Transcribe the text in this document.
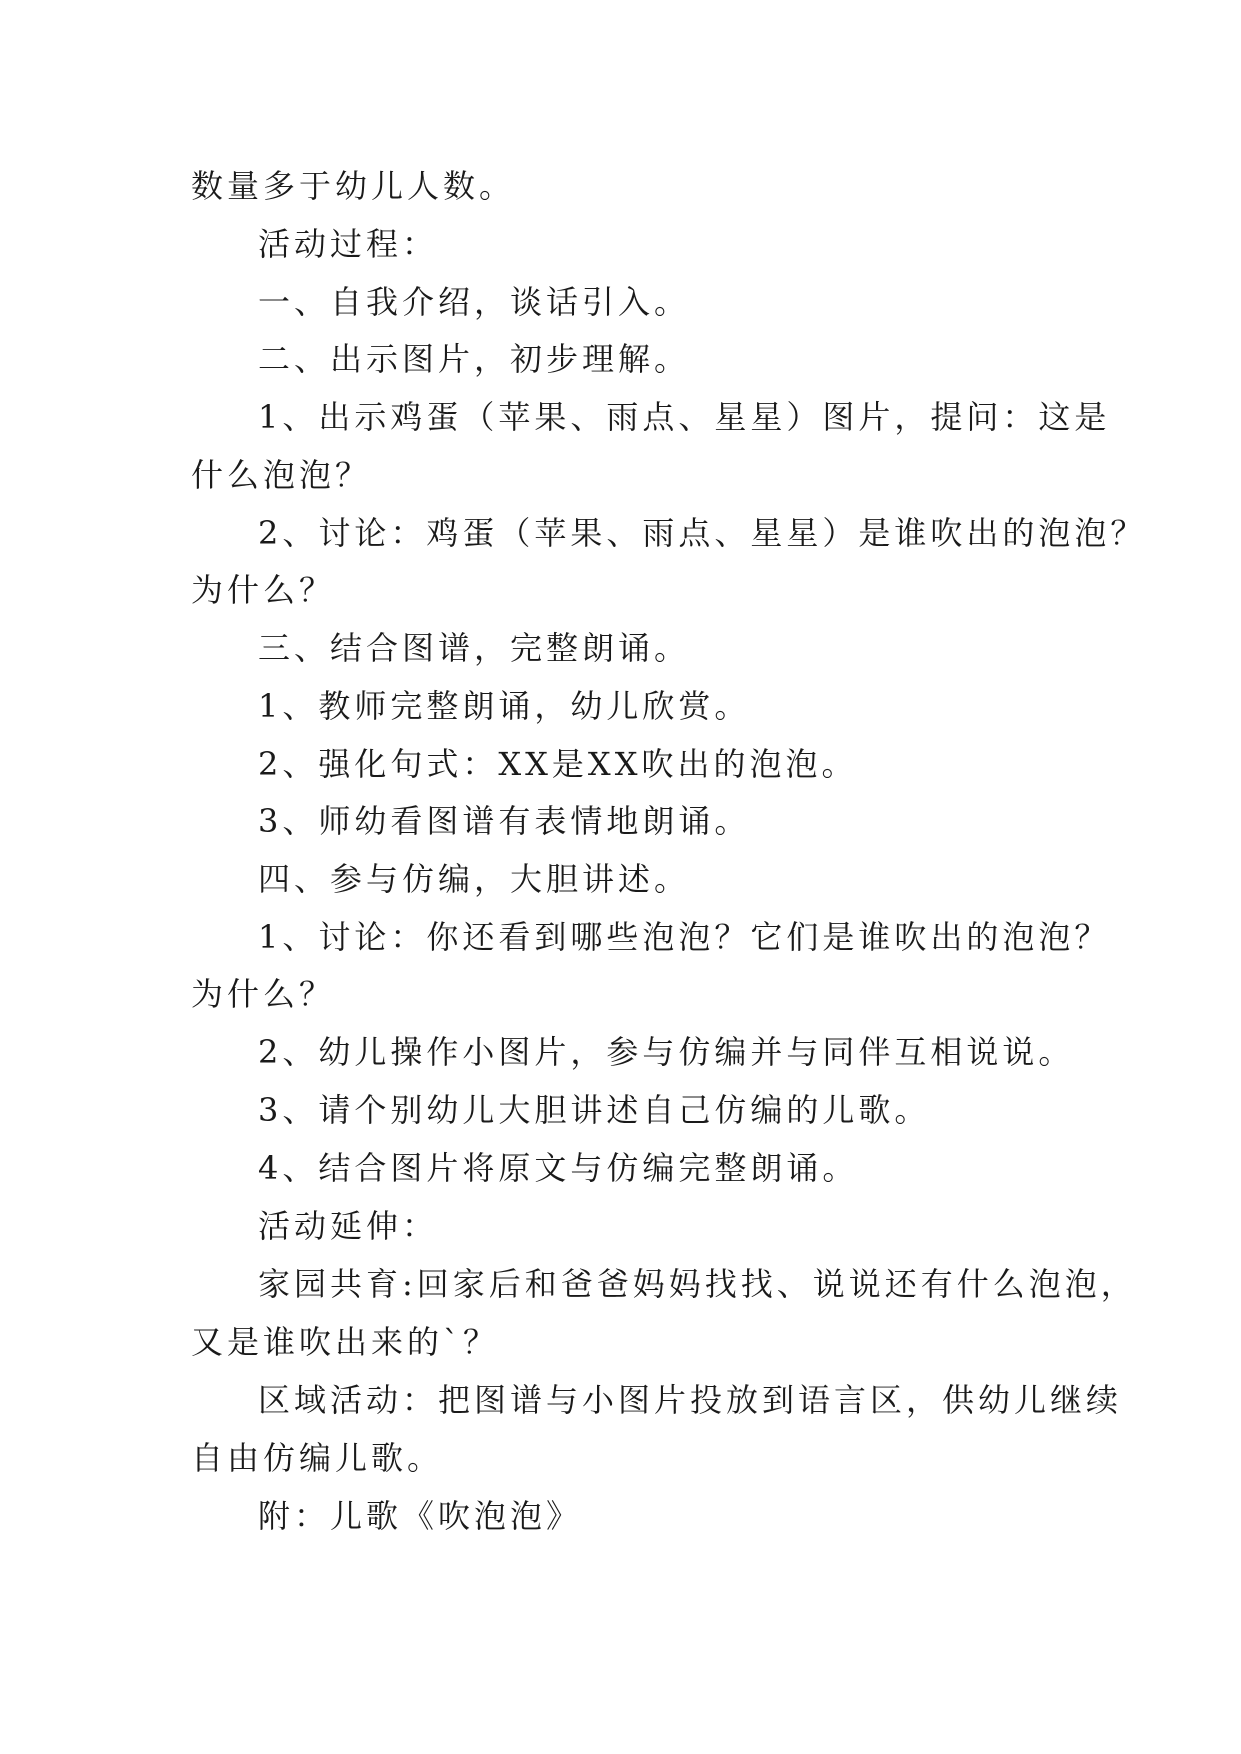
数量多于幼儿人数。
活动过程：
一、自我介绍，谈话引入。
二、出示图片，初步理解。
1、出示鸡蛋（苹果、雨点、星星）图片，提问：这是
什么泡泡？
2、讨论：鸡蛋（苹果、雨点、星星）是谁吹出的泡泡？
为什么？
三、结合图谱，完整朗诵。
1、教师完整朗诵，幼儿欣赏。
2、强化句式：XX是XX吹出的泡泡。
3、师幼看图谱有表情地朗诵。
四、参与仿编，大胆讲述。
1、讨论：你还看到哪些泡泡？它们是谁吹出的泡泡？
为什么？
2、幼儿操作小图片，参与仿编并与同伴互相说说。
3、请个别幼儿大胆讲述自己仿编的儿歌。
4、结合图片将原文与仿编完整朗诵。
活动延伸：
家园共育:回家后和爸爸妈妈找找、说说还有什么泡泡，
又是谁吹出来的`？
区域活动：把图谱与小图片投放到语言区，供幼儿继续
自由仿编儿歌。
附：儿歌《吹泡泡》
